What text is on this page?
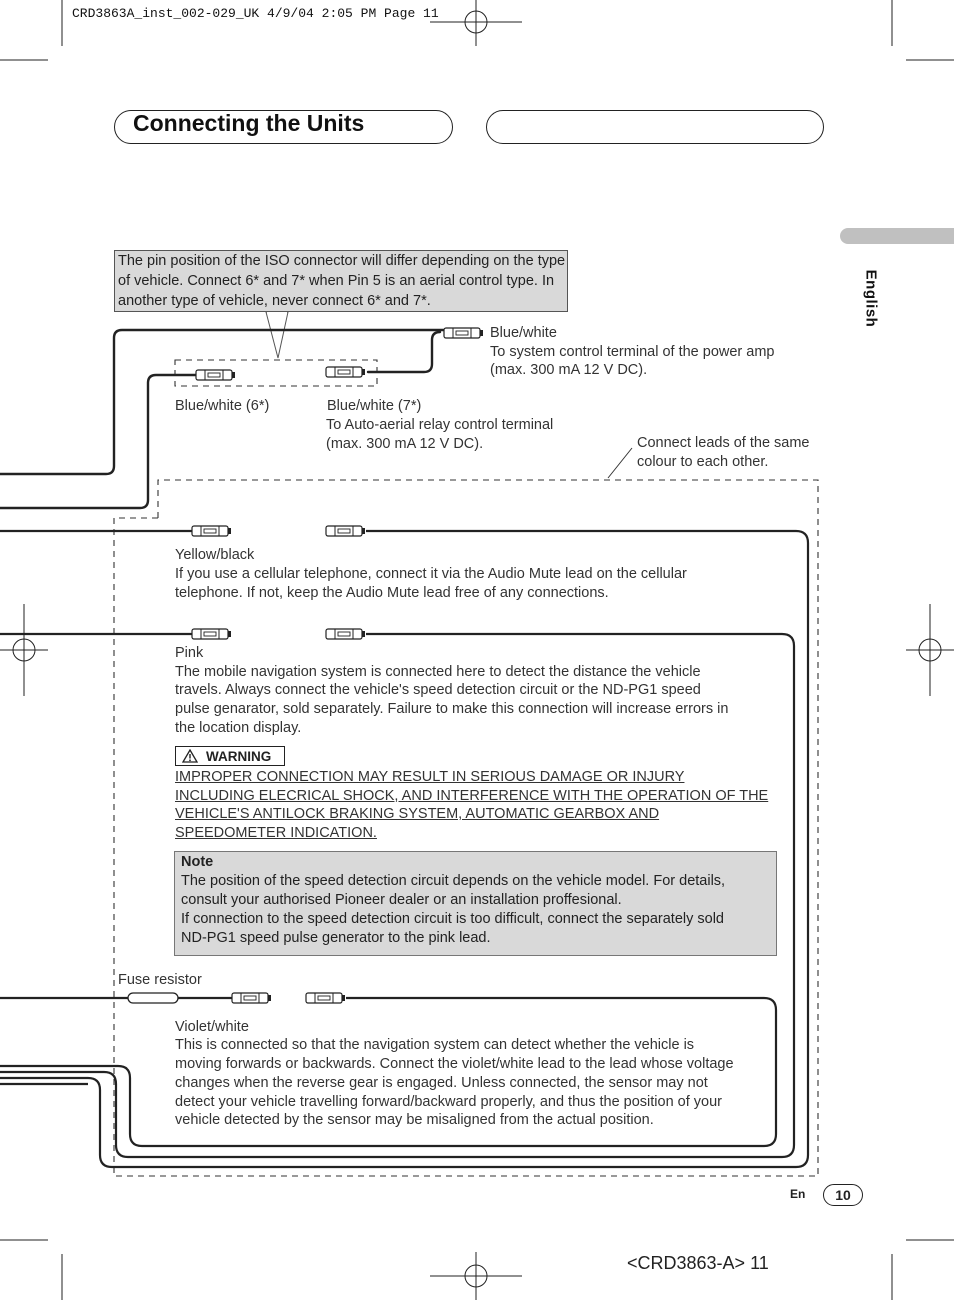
CRD3863A_inst_002-029_UK 4/9/04 2:05 PM Page 11
Connecting the Units
English
The pin position of the ISO connector will differ depending on the type of vehicle. Connect 6* and 7* when Pin 5 is an aerial control type. In another type of vehicle, never connect 6* and 7*.
Blue/white
To system control terminal of the power amp
(max. 300 mA 12 V DC).
Blue/white (6*)	Blue/white (7*)
To Auto-aerial relay control terminal
(max. 300 mA 12 V DC).	Connect leads of the same
colour to each other.
Yellow/black
If you use a cellular telephone, connect it via the Audio Mute lead on the cellular
telephone. If not, keep the Audio Mute lead free of any connections.
Pink
The mobile navigation system is connected here to detect the distance the vehicle
travels. Always connect the vehicle's speed detection circuit or the ND-PG1 speed
pulse genarator, sold separately. Failure to make this connection will increase errors in
the location display.
WARNING
IMPROPER CONNECTION MAY RESULT IN SERIOUS DAMAGE OR INJURY
INCLUDING ELECRICAL SHOCK, AND INTERFERENCE WITH THE OPERATION OF THE
VEHICLE'S ANTILOCK BRAKING SYSTEM, AUTOMATIC GEARBOX AND
SPEEDOMETER INDICATION.
Note
The position of the speed detection circuit depends on the vehicle model. For details,
consult your authorised Pioneer dealer or an installation proffesional.
If connection to the speed detection circuit is too difficult, connect the separately sold
ND-PG1 speed pulse generator to the pink lead.
Fuse resistor
Violet/white
This is connected so that the navigation system can detect whether the vehicle is
moving forwards or backwards. Connect the violet/white lead to the lead whose voltage
changes when the reverse gear is engaged. Unless connected, the sensor may not
detect your vehicle travelling forward/backward properly, and thus the position of your
vehicle detected by the sensor may be misaligned from the actual position.
En	10
<CRD3863-A> 11
